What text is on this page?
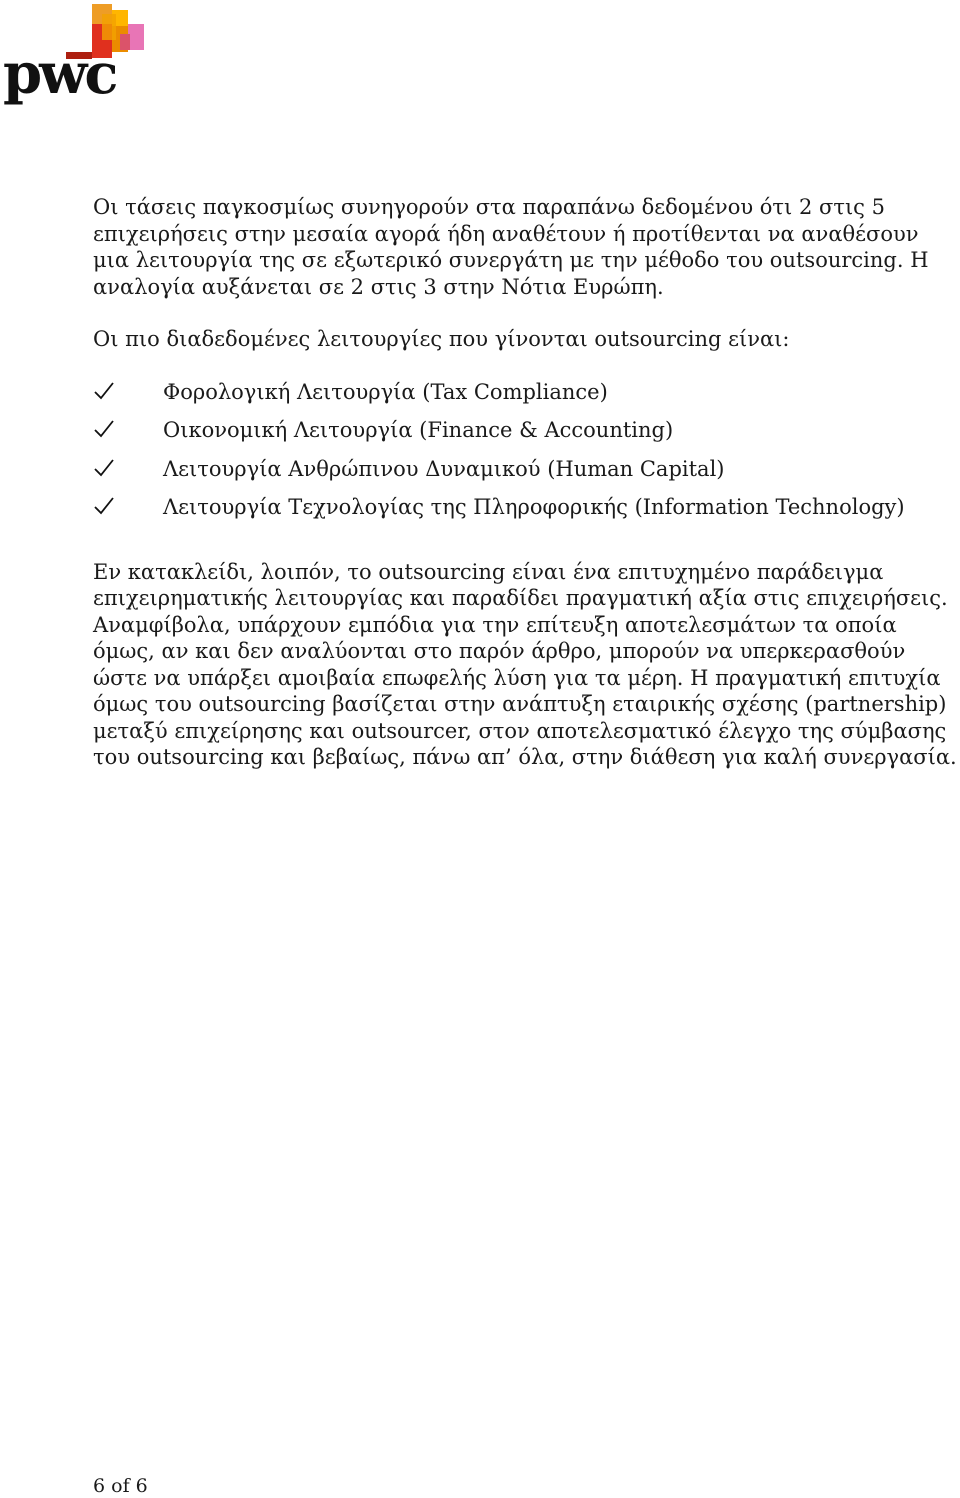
pwc

Οι τάσεις παγκοσμίως συνηγορούν στα παραπάνω δεδομένου ότι 2 στις 5 επιχειρήσεις στην μεσαία αγορά ήδη αναθέτουν ή προτίθενται να αναθέσουν μια λειτουργία της σε εξωτερικό συνεργάτη με την μέθοδο του outsourcing. Η αναλογία αυξάνεται σε 2 στις 3 στην Νότια Ευρώπη.

Οι πιο διαδεδομένες λειτουργίες που γίνονται outsourcing είναι:

Φορολογική Λειτουργία (Tax Compliance)
Οικονομική Λειτουργία (Finance & Accounting)
Λειτουργία Ανθρώπινου Δυναμικού (Human Capital)
Λειτουργία Τεχνολογίας της Πληροφορικής (Information Technology)

Εν κατακλείδι, λοιπόν, το outsourcing είναι ένα επιτυχημένο παράδειγμα επιχειρηματικής λειτουργίας και παραδίδει πραγματική αξία στις επιχειρήσεις. Αναμφίβολα, υπάρχουν εμπόδια για την επίτευξη αποτελεσμάτων τα οποία όμως, αν και δεν αναλύονται στο παρόν άρθρο, μπορούν να υπερκερασθούν ώστε να υπάρξει αμοιβαία επωφελής λύση για τα μέρη. Η πραγματική επιτυχία όμως του outsourcing βασίζεται στην ανάπτυξη εταιρικής σχέσης (partnership) μεταξύ επιχείρησης και outsourcer, στον αποτελεσματικό έλεγχο της σύμβασης του outsourcing και βεβαίως, πάνω απ’ όλα, στην διάθεση για καλή συνεργασία.

6 of 6
